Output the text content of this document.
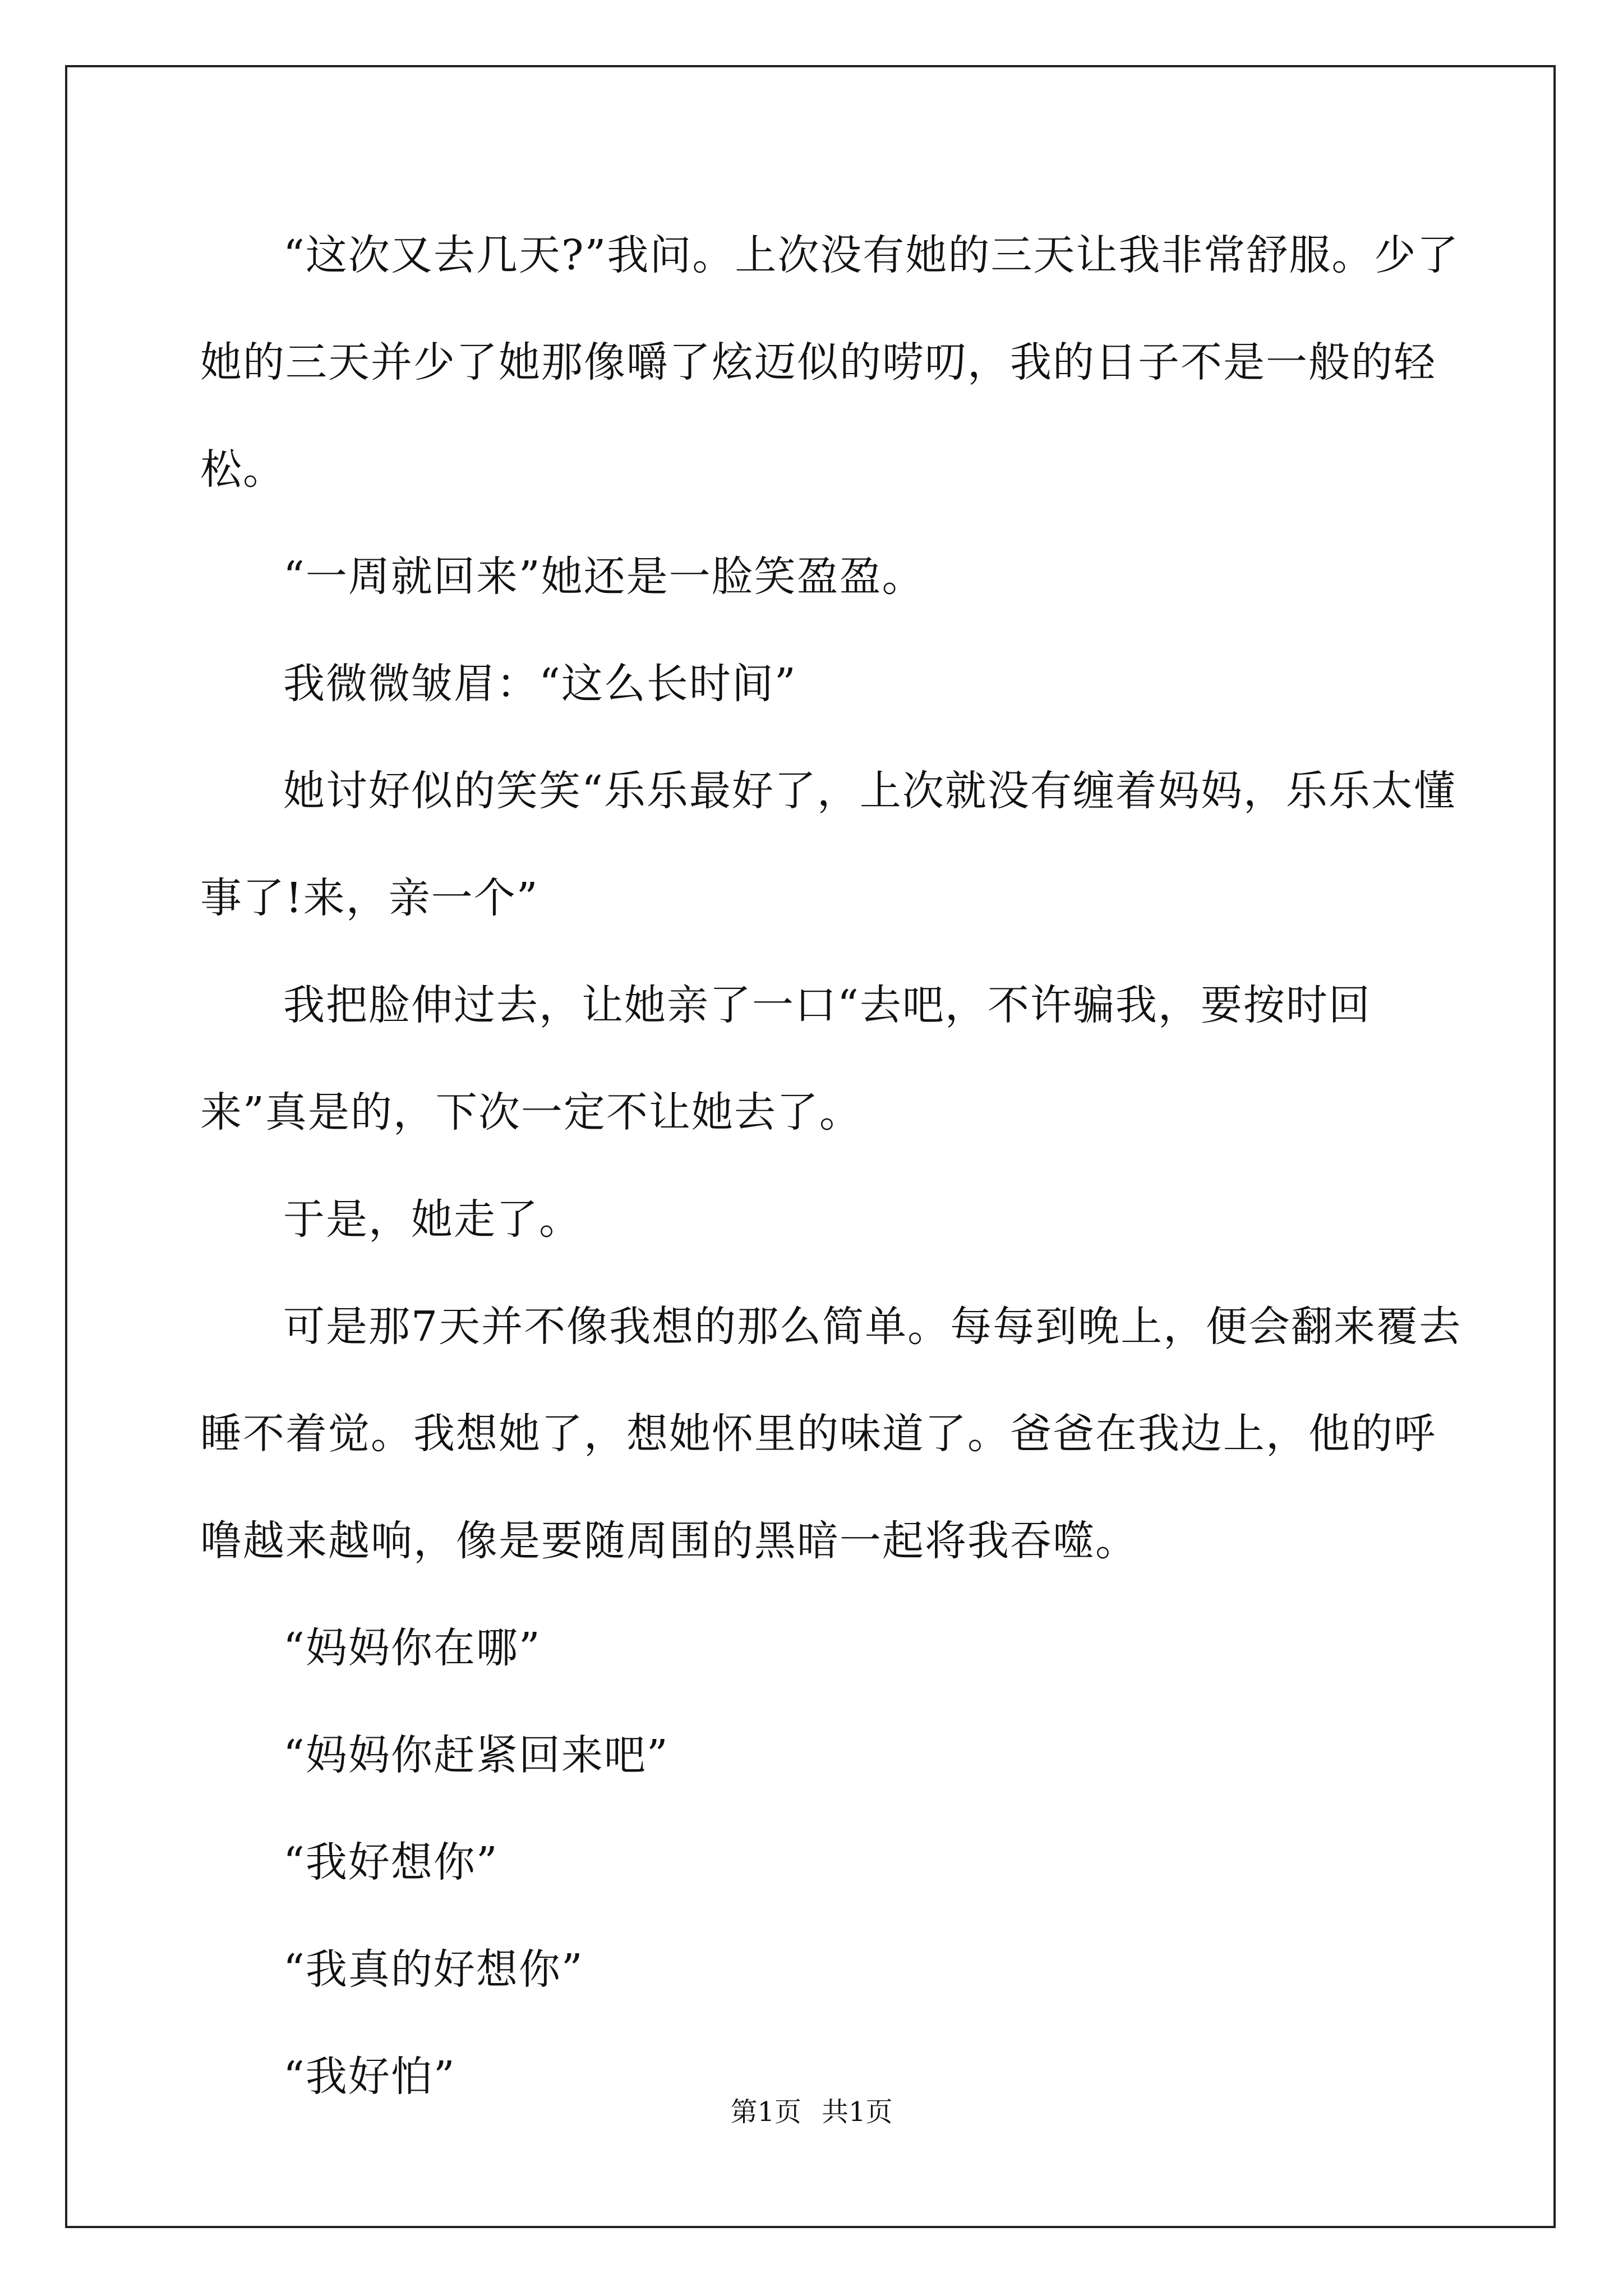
“这次又去几天?”我问。上次没有她的三天让我非常舒服。少了她的三天并少了她那像嚼了炫迈似的唠叨，我的日子不是一般的轻松。

“一周就回来”她还是一脸笑盈盈。

我微微皱眉：“这么长时间”

她讨好似的笑笑“乐乐最好了，上次就没有缠着妈妈，乐乐太懂事了!来，亲一个”

我把脸伸过去，让她亲了一口“去吧，不许骗我，要按时回来”真是的，下次一定不让她去了。

于是，她走了。

可是那7天并不像我想的那么简单。每每到晚上，便会翻来覆去睡不着觉。我想她了，想她怀里的味道了。爸爸在我边上，他的呼噜越来越响，像是要随周围的黑暗一起将我吞噬。

“妈妈你在哪”

“妈妈你赶紧回来吧”

“我好想你”

“我真的好想你”

“我好怕”

第1页 共1页
